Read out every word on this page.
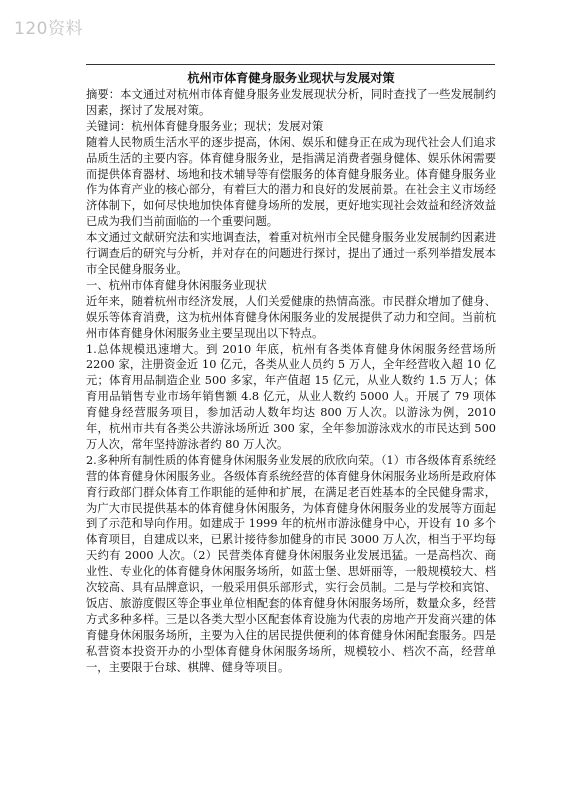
120资料

杭州市体育健身服务业现状与发展对策

摘要：本文通过对杭州市体育健身服务业发展现状分析，同时查找了一些发展制约因素，探讨了发展对策。

关键词：杭州体育健身服务业；现状；发展对策

随着人民物质生活水平的逐步提高，休闲、娱乐和健身正在成为现代社会人们追求品质生活的主要内容。体育健身服务业，是指满足消费者强身健体、娱乐休闲需要而提供体育器材、场地和技术辅导等有偿服务的体育健身服务业。体育健身服务业作为体育产业的核心部分，有着巨大的潜力和良好的发展前景。在社会主义市场经济体制下，如何尽快地加快体育健身场所的发展，更好地实现社会效益和经济效益已成为我们当前面临的一个重要问题。

本文通过文献研究法和实地调查法，着重对杭州市全民健身服务业发展制约因素进行调查后的研究与分析，并对存在的问题进行探讨，提出了通过一系列举措发展本市全民健身服务业。

一、杭州市体育健身休闲服务业现状

近年来，随着杭州市经济发展，人们关爱健康的热情高涨。市民群众增加了健身、娱乐等体育消费，这为杭州体育健身休闲服务业的发展提供了动力和空间。当前杭州市体育健身休闲服务业主要呈现出以下特点。

1.总体规模迅速增大。到 2010 年底，杭州有各类体育健身休闲服务经营场所 2200 家，注册资金近 10 亿元，各类从业人员约 5 万人，全年经营收入超 10 亿元；体育用品制造企业 500 多家，年产值超 15 亿元，从业人数约 1.5 万人；体育用品销售专业市场年销售额 4.8 亿元，从业人数约 5000 人。开展了 79 项体育健身经营服务项目，参加活动人数年均达 800 万人次。以游泳为例，2010 年，杭州市共有各类公共游泳场所近 300 家，全年参加游泳戏水的市民达到 500 万人次，常年坚持游泳者约 80 万人次。

2.多种所有制性质的体育健身休闲服务业发展的欣欣向荣。（1）市各级体育系统经营的体育健身休闲服务业。各级体育系统经营的体育健身休闲服务业场所是政府体育行政部门群众体育工作职能的延伸和扩展，在满足老百姓基本的全民健身需求，为广大市民提供基本的体育健身休闲服务，为体育健身休闲服务业的发展等方面起到了示范和导向作用。如建成于 1999 年的杭州市游泳健身中心，开设有 10 多个体育项目，自建成以来，已累计接待参加健身的市民 3000 万人次，相当于平均每天约有 2000 人次。（2）民营类体育健身休闲服务业发展迅猛。一是高档次、商业性、专业化的体育健身休闲服务场所，如蓝士堡、思妍丽等，一般规模较大、档次较高、具有品牌意识，一般采用俱乐部形式，实行会员制。二是与学校和宾馆、饭店、旅游度假区等企事业单位相配套的体育健身休闲服务场所，数量众多，经营方式多种多样。三是以各类大型小区配套体育设施为代表的房地产开发商兴建的体育健身休闲服务场所，主要为入住的居民提供便利的体育健身休闲配套服务。四是私营资本投资开办的小型体育健身休闲服务场所，规模较小、档次不高，经营单一，主要限于台球、棋牌、健身等项目。
